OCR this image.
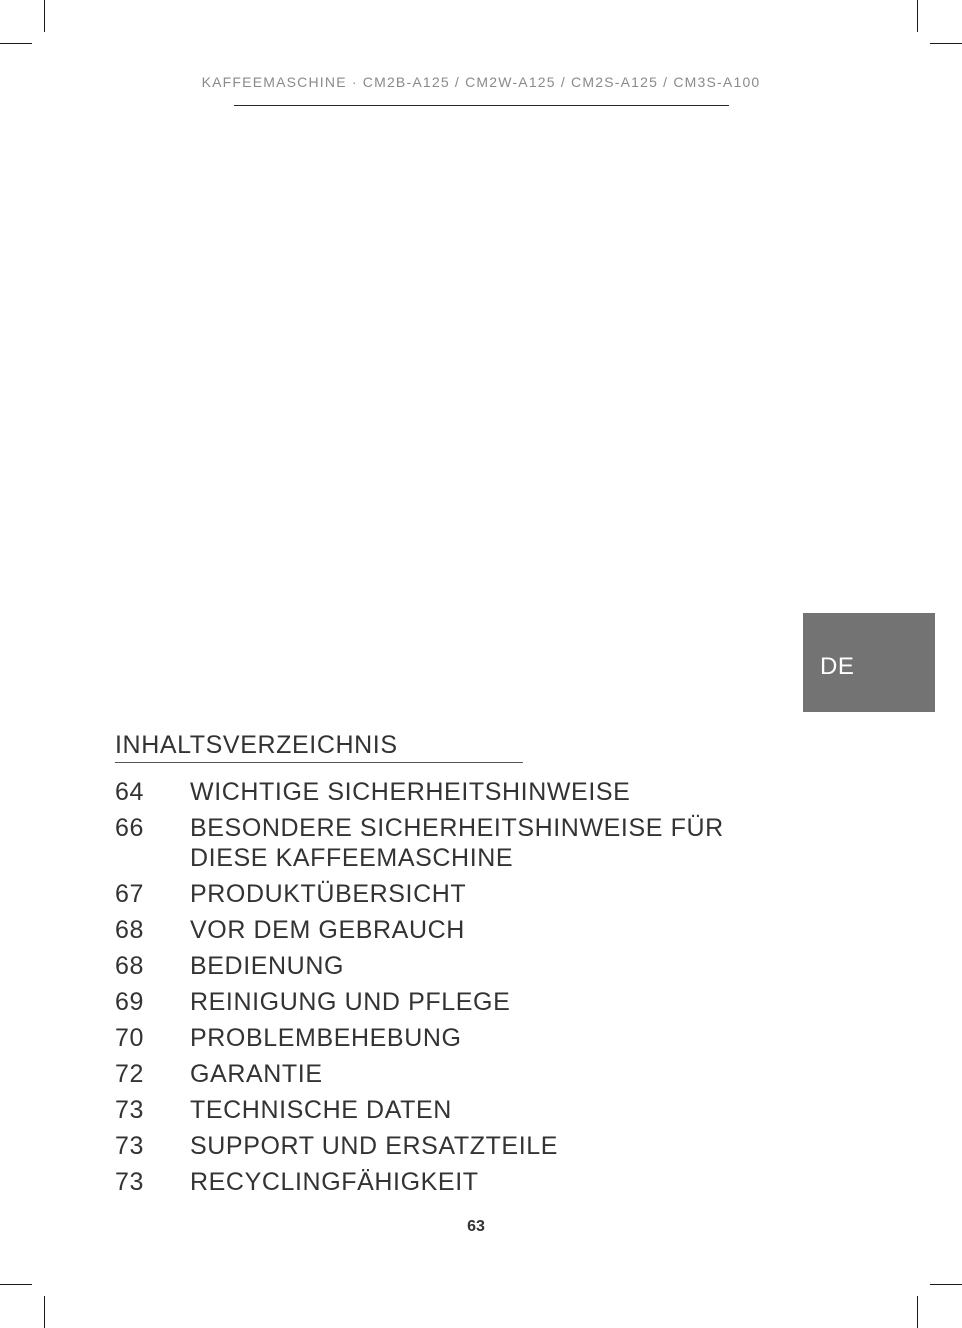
KAFFEEMASCHINE · CM2B-A125 / CM2W-A125 / CM2S-A125 / CM3S-A100
DE
INHALTSVERZEICHNIS
64	WICHTIGE SICHERHEITSHINWEISE
66	BESONDERE SICHERHEITSHINWEISE FÜR DIESE KAFFEEMASCHINE
67	PRODUKTÜBERSICHT
68	VOR DEM GEBRAUCH
68	BEDIENUNG
69	REINIGUNG UND PFLEGE
70	PROBLEMBEHEBUNG
72	GARANTIE
73	TECHNISCHE DATEN
73	SUPPORT UND ERSATZTEILE
73	RECYCLINGFÄHIGKEIT
63
